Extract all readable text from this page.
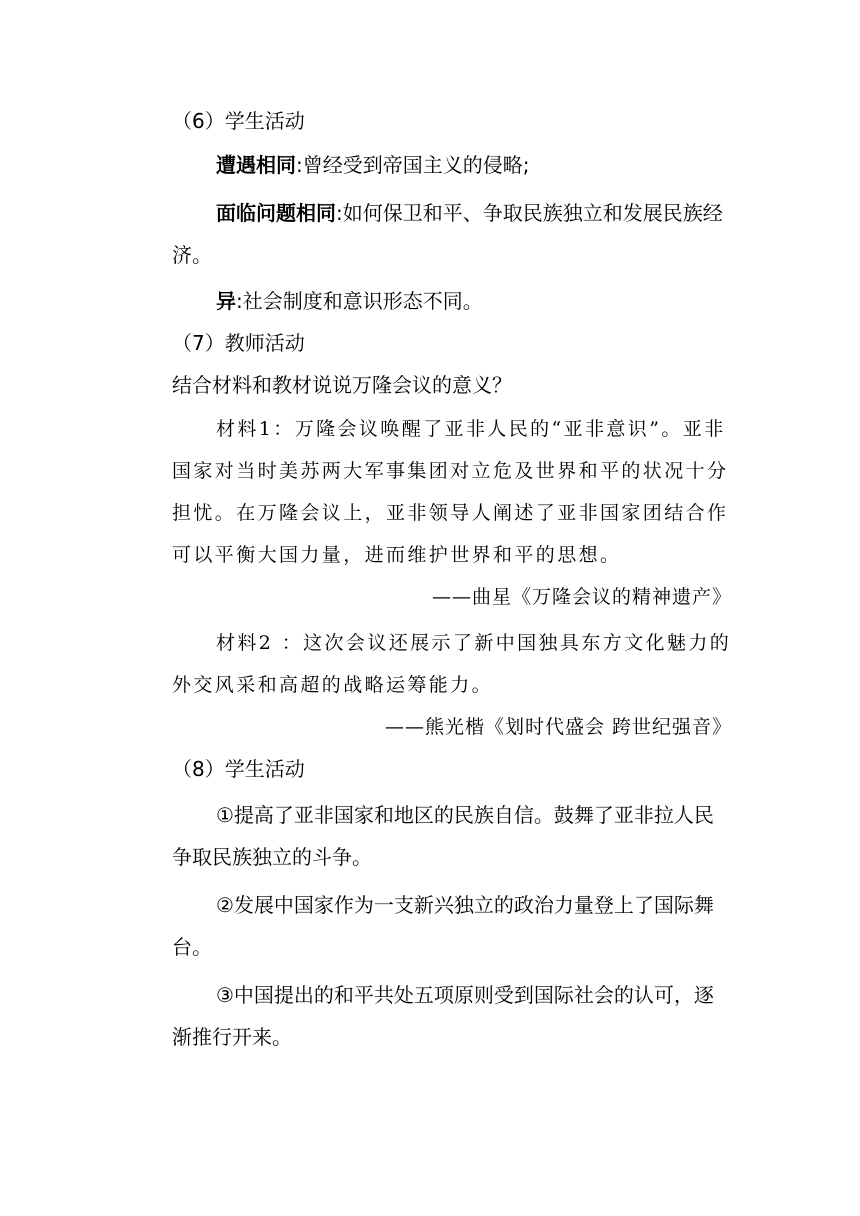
（6）学生活动
遭遇相同:曾经受到帝国主义的侵略;
面临问题相同:如何保卫和平、争取民族独立和发展民族经济。
异:社会制度和意识形态不同。
（7）教师活动
结合材料和教材说说万隆会议的意义？
材料1：万隆会议唤醒了亚非人民的“亚非意识”。亚非国家对当时美苏两大军事集团对立危及世界和平的状况十分担忧。在万隆会议上，亚非领导人阐述了亚非国家团结合作可以平衡大国力量，进而维护世界和平的思想。
——曲星《万隆会议的精神遗产》
材料2 ：这次会议还展示了新中国独具东方文化魅力的外交风采和高超的战略运筹能力。
——熊光楷《划时代盛会 跨世纪强音》
（8）学生活动
①提高了亚非国家和地区的民族自信。鼓舞了亚非拉人民争取民族独立的斗争。
②发展中国家作为一支新兴独立的政治力量登上了国际舞台。
③中国提出的和平共处五项原则受到国际社会的认可，逐渐推行开来。
